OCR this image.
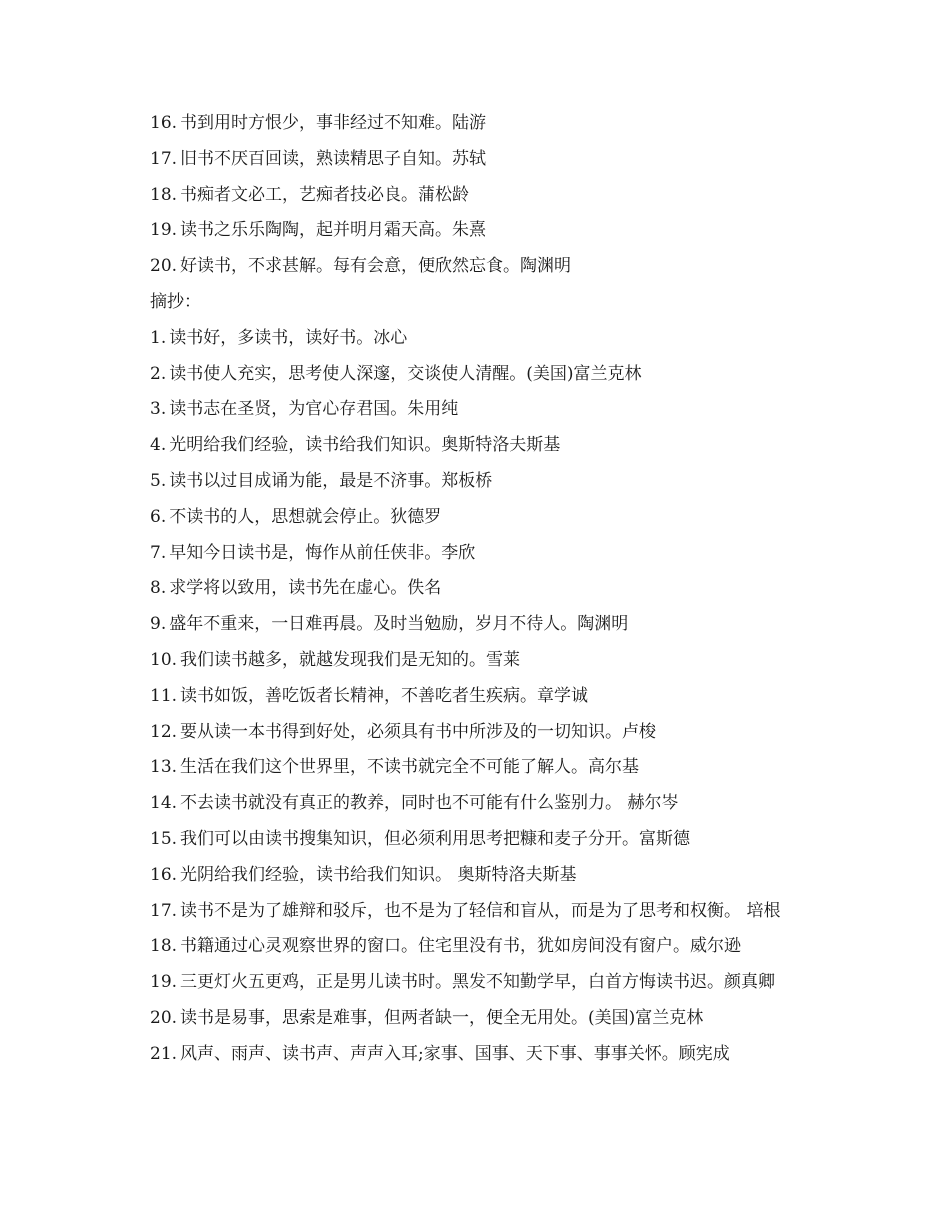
16. 书到用时方恨少，事非经过不知难。陆游
17. 旧书不厌百回读，熟读精思子自知。苏轼
18. 书痴者文必工，艺痴者技必良。蒲松龄
19. 读书之乐乐陶陶，起并明月霜天高。朱熹
20. 好读书，不求甚解。每有会意，便欣然忘食。陶渊明
摘抄：
1. 读书好，多读书，读好书。冰心
2. 读书使人充实，思考使人深邃，交谈使人清醒。(美国)富兰克林
3. 读书志在圣贤，为官心存君国。朱用纯
4. 光明给我们经验，读书给我们知识。奥斯特洛夫斯基
5. 读书以过目成诵为能，最是不济事。郑板桥
6. 不读书的人，思想就会停止。狄德罗
7. 早知今日读书是，悔作从前任侠非。李欣
8. 求学将以致用，读书先在虚心。佚名
9. 盛年不重来，一日难再晨。及时当勉励，岁月不待人。陶渊明
10. 我们读书越多，就越发现我们是无知的。雪莱
11. 读书如饭，善吃饭者长精神，不善吃者生疾病。章学诚
12. 要从读一本书得到好处，必须具有书中所涉及的一切知识。卢梭
13. 生活在我们这个世界里，不读书就完全不可能了解人。高尔基
14. 不去读书就没有真正的教养，同时也不可能有什么鉴别力。 赫尔岑
15. 我们可以由读书搜集知识，但必须利用思考把糠和麦子分开。富斯德
16. 光阴给我们经验，读书给我们知识。 奥斯特洛夫斯基
17. 读书不是为了雄辩和驳斥，也不是为了轻信和盲从，而是为了思考和权衡。 培根
18. 书籍通过心灵观察世界的窗口。住宅里没有书，犹如房间没有窗户。威尔逊
19. 三更灯火五更鸡，正是男儿读书时。黑发不知勤学早，白首方悔读书迟。颜真卿
20. 读书是易事，思索是难事，但两者缺一，便全无用处。(美国)富兰克林
21. 风声、雨声、读书声、声声入耳;家事、国事、天下事、事事关怀。顾宪成
